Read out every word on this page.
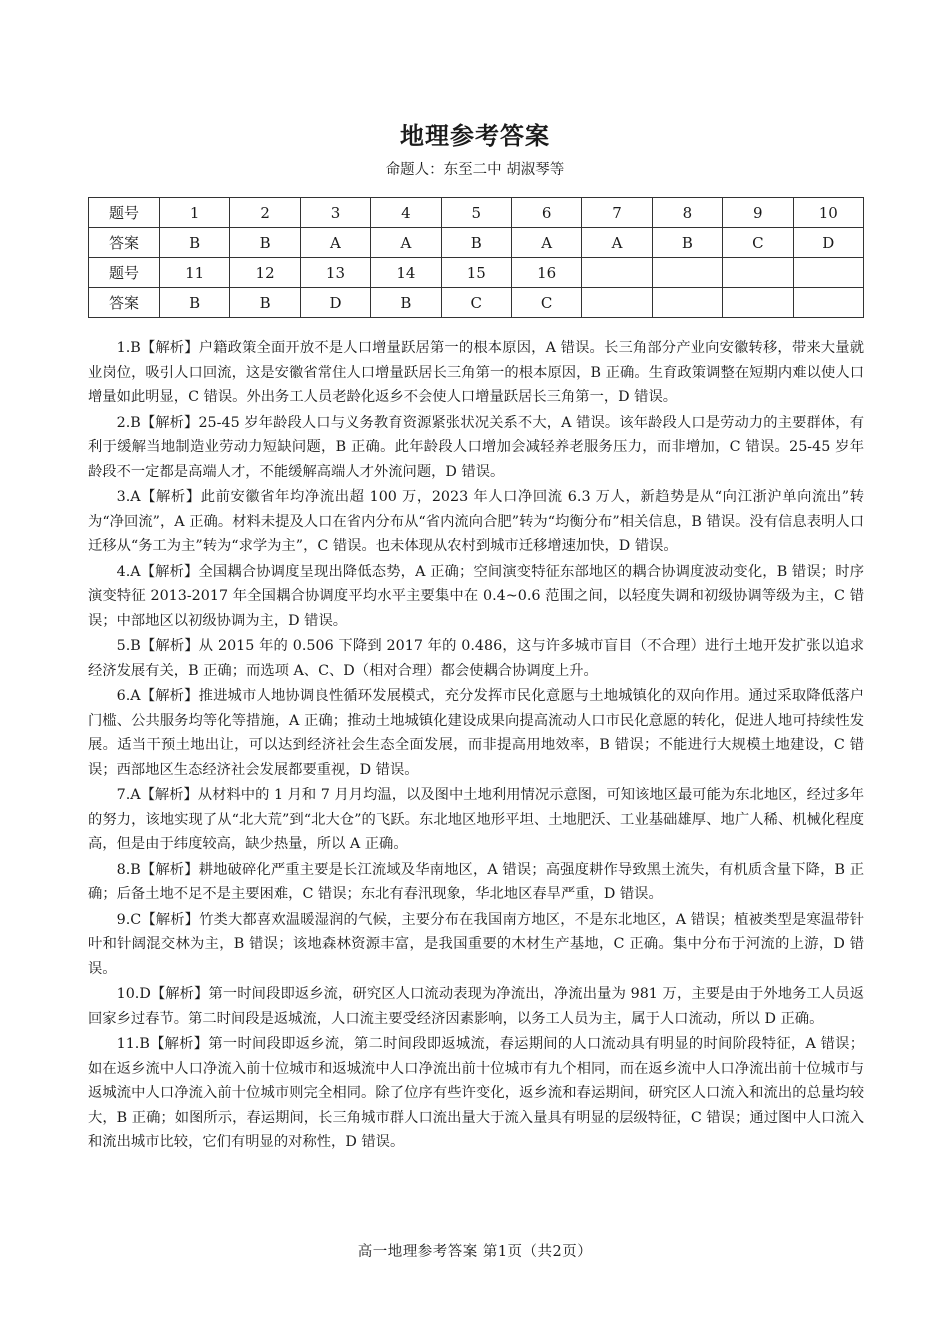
地理参考答案
命题人：东至二中 胡淑琴等
题号	1	2	3	4	5	6	7	8	9	10
答案	B	B	A	A	B	A	A	B	C	D
题号	11	12	13	14	15	16				
答案	B	B	D	B	C	C				

1.B【解析】户籍政策全面开放不是人口增量跃居第一的根本原因，A 错误。长三角部分产业向安徽转移，带来大量就业岗位，吸引人口回流，这是安徽省常住人口增量跃居长三角第一的根本原因，B 正确。生育政策调整在短期内难以使人口增量如此明显，C 错误。外出务工人员老龄化返乡不会使人口增量跃居长三角第一，D 错误。

2.B【解析】25-45 岁年龄段人口与义务教育资源紧张状况关系不大，A 错误。该年龄段人口是劳动力的主要群体，有利于缓解当地制造业劳动力短缺问题，B 正确。此年龄段人口增加会减轻养老服务压力，而非增加，C 错误。25-45 岁年龄段不一定都是高端人才，不能缓解高端人才外流问题，D 错误。

3.A【解析】此前安徽省年均净流出超 100 万，2023 年人口净回流 6.3 万人，新趋势是从“向江浙沪单向流出”转为“净回流”，A 正确。材料未提及人口在省内分布从“省内流向合肥”转为“均衡分布”相关信息，B 错误。没有信息表明人口迁移从“务工为主”转为“求学为主”，C 错误。也未体现从农村到城市迁移增速加快，D 错误。

4.A【解析】全国耦合协调度呈现出降低态势，A 正确；空间演变特征东部地区的耦合协调度波动变化，B 错误；时序演变特征 2013-2017 年全国耦合协调度平均水平主要集中在 0.4~0.6 范围之间，以轻度失调和初级协调等级为主，C 错误；中部地区以初级协调为主，D 错误。

5.B【解析】从 2015 年的 0.506 下降到 2017 年的 0.486，这与许多城市盲目（不合理）进行土地开发扩张以追求经济发展有关，B 正确；而选项 A、C、D（相对合理）都会使耦合协调度上升。

6.A【解析】推进城市人地协调良性循环发展模式，充分发挥市民化意愿与土地城镇化的双向作用。通过采取降低落户门槛、公共服务均等化等措施，A 正确；推动土地城镇化建设成果向提高流动人口市民化意愿的转化，促进人地可持续性发展。适当干预土地出让，可以达到经济社会生态全面发展，而非提高用地效率，B 错误；不能进行大规模土地建设，C 错误；西部地区生态经济社会发展都要重视，D 错误。

7.A【解析】从材料中的 1 月和 7 月月均温，以及图中土地利用情况示意图，可知该地区最可能为东北地区，经过多年的努力，该地实现了从“北大荒”到“北大仓”的飞跃。东北地区地形平坦、土地肥沃、工业基础雄厚、地广人稀、机械化程度高，但是由于纬度较高，缺少热量，所以 A 正确。

8.B【解析】耕地破碎化严重主要是长江流域及华南地区，A 错误；高强度耕作导致黑土流失，有机质含量下降，B 正确；后备土地不足不是主要困难，C 错误；东北有春汛现象，华北地区春旱严重，D 错误。

9.C【解析】竹类大都喜欢温暖湿润的气候，主要分布在我国南方地区，不是东北地区，A 错误；植被类型是寒温带针叶和针阔混交林为主，B 错误；该地森林资源丰富，是我国重要的木材生产基地，C 正确。集中分布于河流的上游，D 错误。

10.D【解析】第一时间段即返乡流，研究区人口流动表现为净流出，净流出量为 981 万，主要是由于外地务工人员返回家乡过春节。第二时间段是返城流，人口流主要受经济因素影响，以务工人员为主，属于人口流动，所以 D 正确。

11.B【解析】第一时间段即返乡流，第二时间段即返城流，春运期间的人口流动具有明显的时间阶段特征，A 错误；如在返乡流中人口净流入前十位城市和返城流中人口净流出前十位城市有九个相同，而在返乡流中人口净流出前十位城市与返城流中人口净流入前十位城市则完全相同。除了位序有些许变化，返乡流和春运期间，研究区人口流入和流出的总量均较大，B 正确；如图所示，春运期间，长三角城市群人口流出量大于流入量具有明显的层级特征，C 错误；通过图中人口流入和流出城市比较，它们有明显的对称性，D 错误。

高一地理参考答案 第1页（共2页）
